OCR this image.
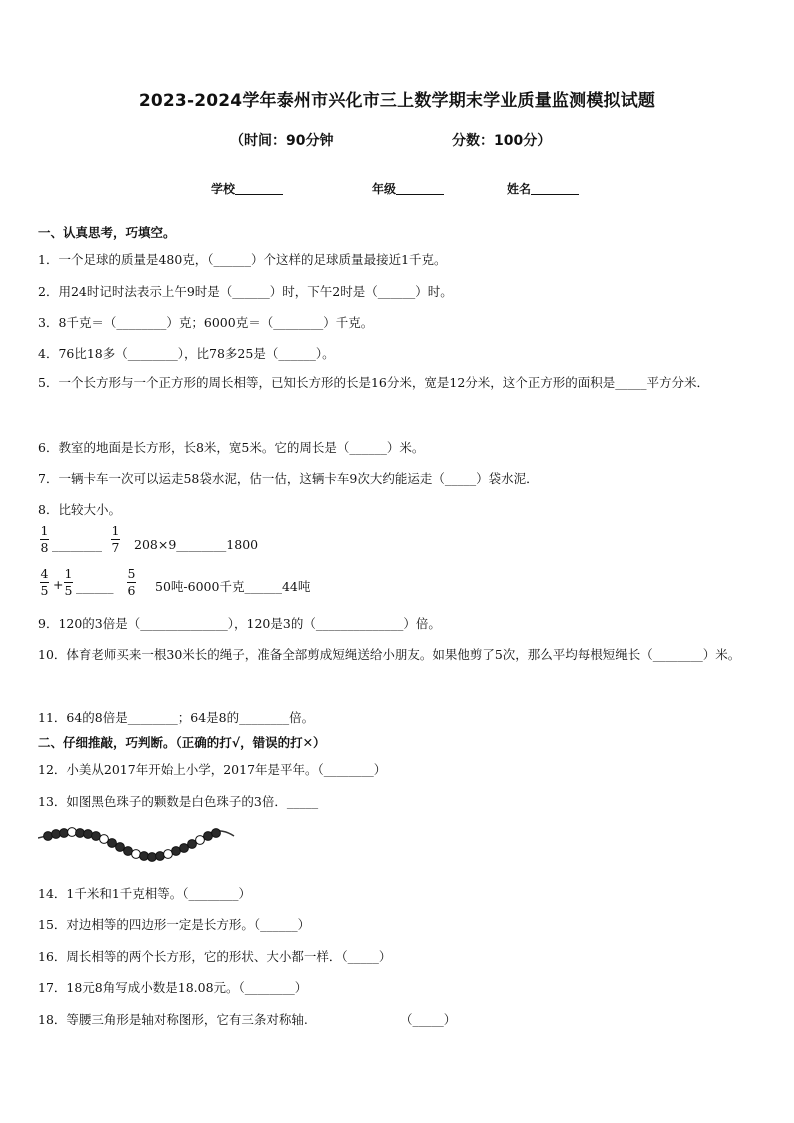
2023-2024学年泰州市兴化市三上数学期末学业质量监测模拟试题
（时间：90分钟	分数：100分）
学校	年级	姓名
一、认真思考，巧填空。
1．一个足球的质量是480克，（______）个这样的足球质量最接近1千克。
2．用24时记时法表示上午9时是（______）时，下午2时是（______）时。
3．8千克＝（________）克；6000克＝（________）千克。
4．76比18多（________），比78多25是（______）。
5．一个长方形与一个正方形的周长相等，已知长方形的长是16分米，宽是12分米，这个正方形的面积是_____平方分米．
6．教室的地面是长方形，长8米，宽5米。它的周长是（______）米。
7．一辆卡车一次可以运走58袋水泥，估一估，这辆卡车9次大约能运走（_____）袋水泥．
8．比较大小。
1
8 ________
1
7 208×9________1800
4
5 +
1
5 ______
5
6 50吨-6000千克______44吨
9．120的3倍是（______________），120是3的（______________）倍。
10．体育老师买来一根30米长的绳子，准备全部剪成短绳送给小朋友。如果他剪了5次，那么平均每根短绳长（________）米。
11．64的8倍是________；64是8的________倍。
二、仔细推敲，巧判断。（正确的打√，错误的打✕）
12．小美从2017年开始上小学，2017年是平年。（________）
13．如图黑色珠子的颗数是白色珠子的3倍．_____
14．1千米和1千克相等。（________）
15．对边相等的四边形一定是长方形。（______）
16．周长相等的两个长方形，它的形状、大小都一样．（_____）
17．18元8角写成小数是18.08元。（________）
18．等腰三角形是轴对称图形，它有三条对称轴.	（_____）
